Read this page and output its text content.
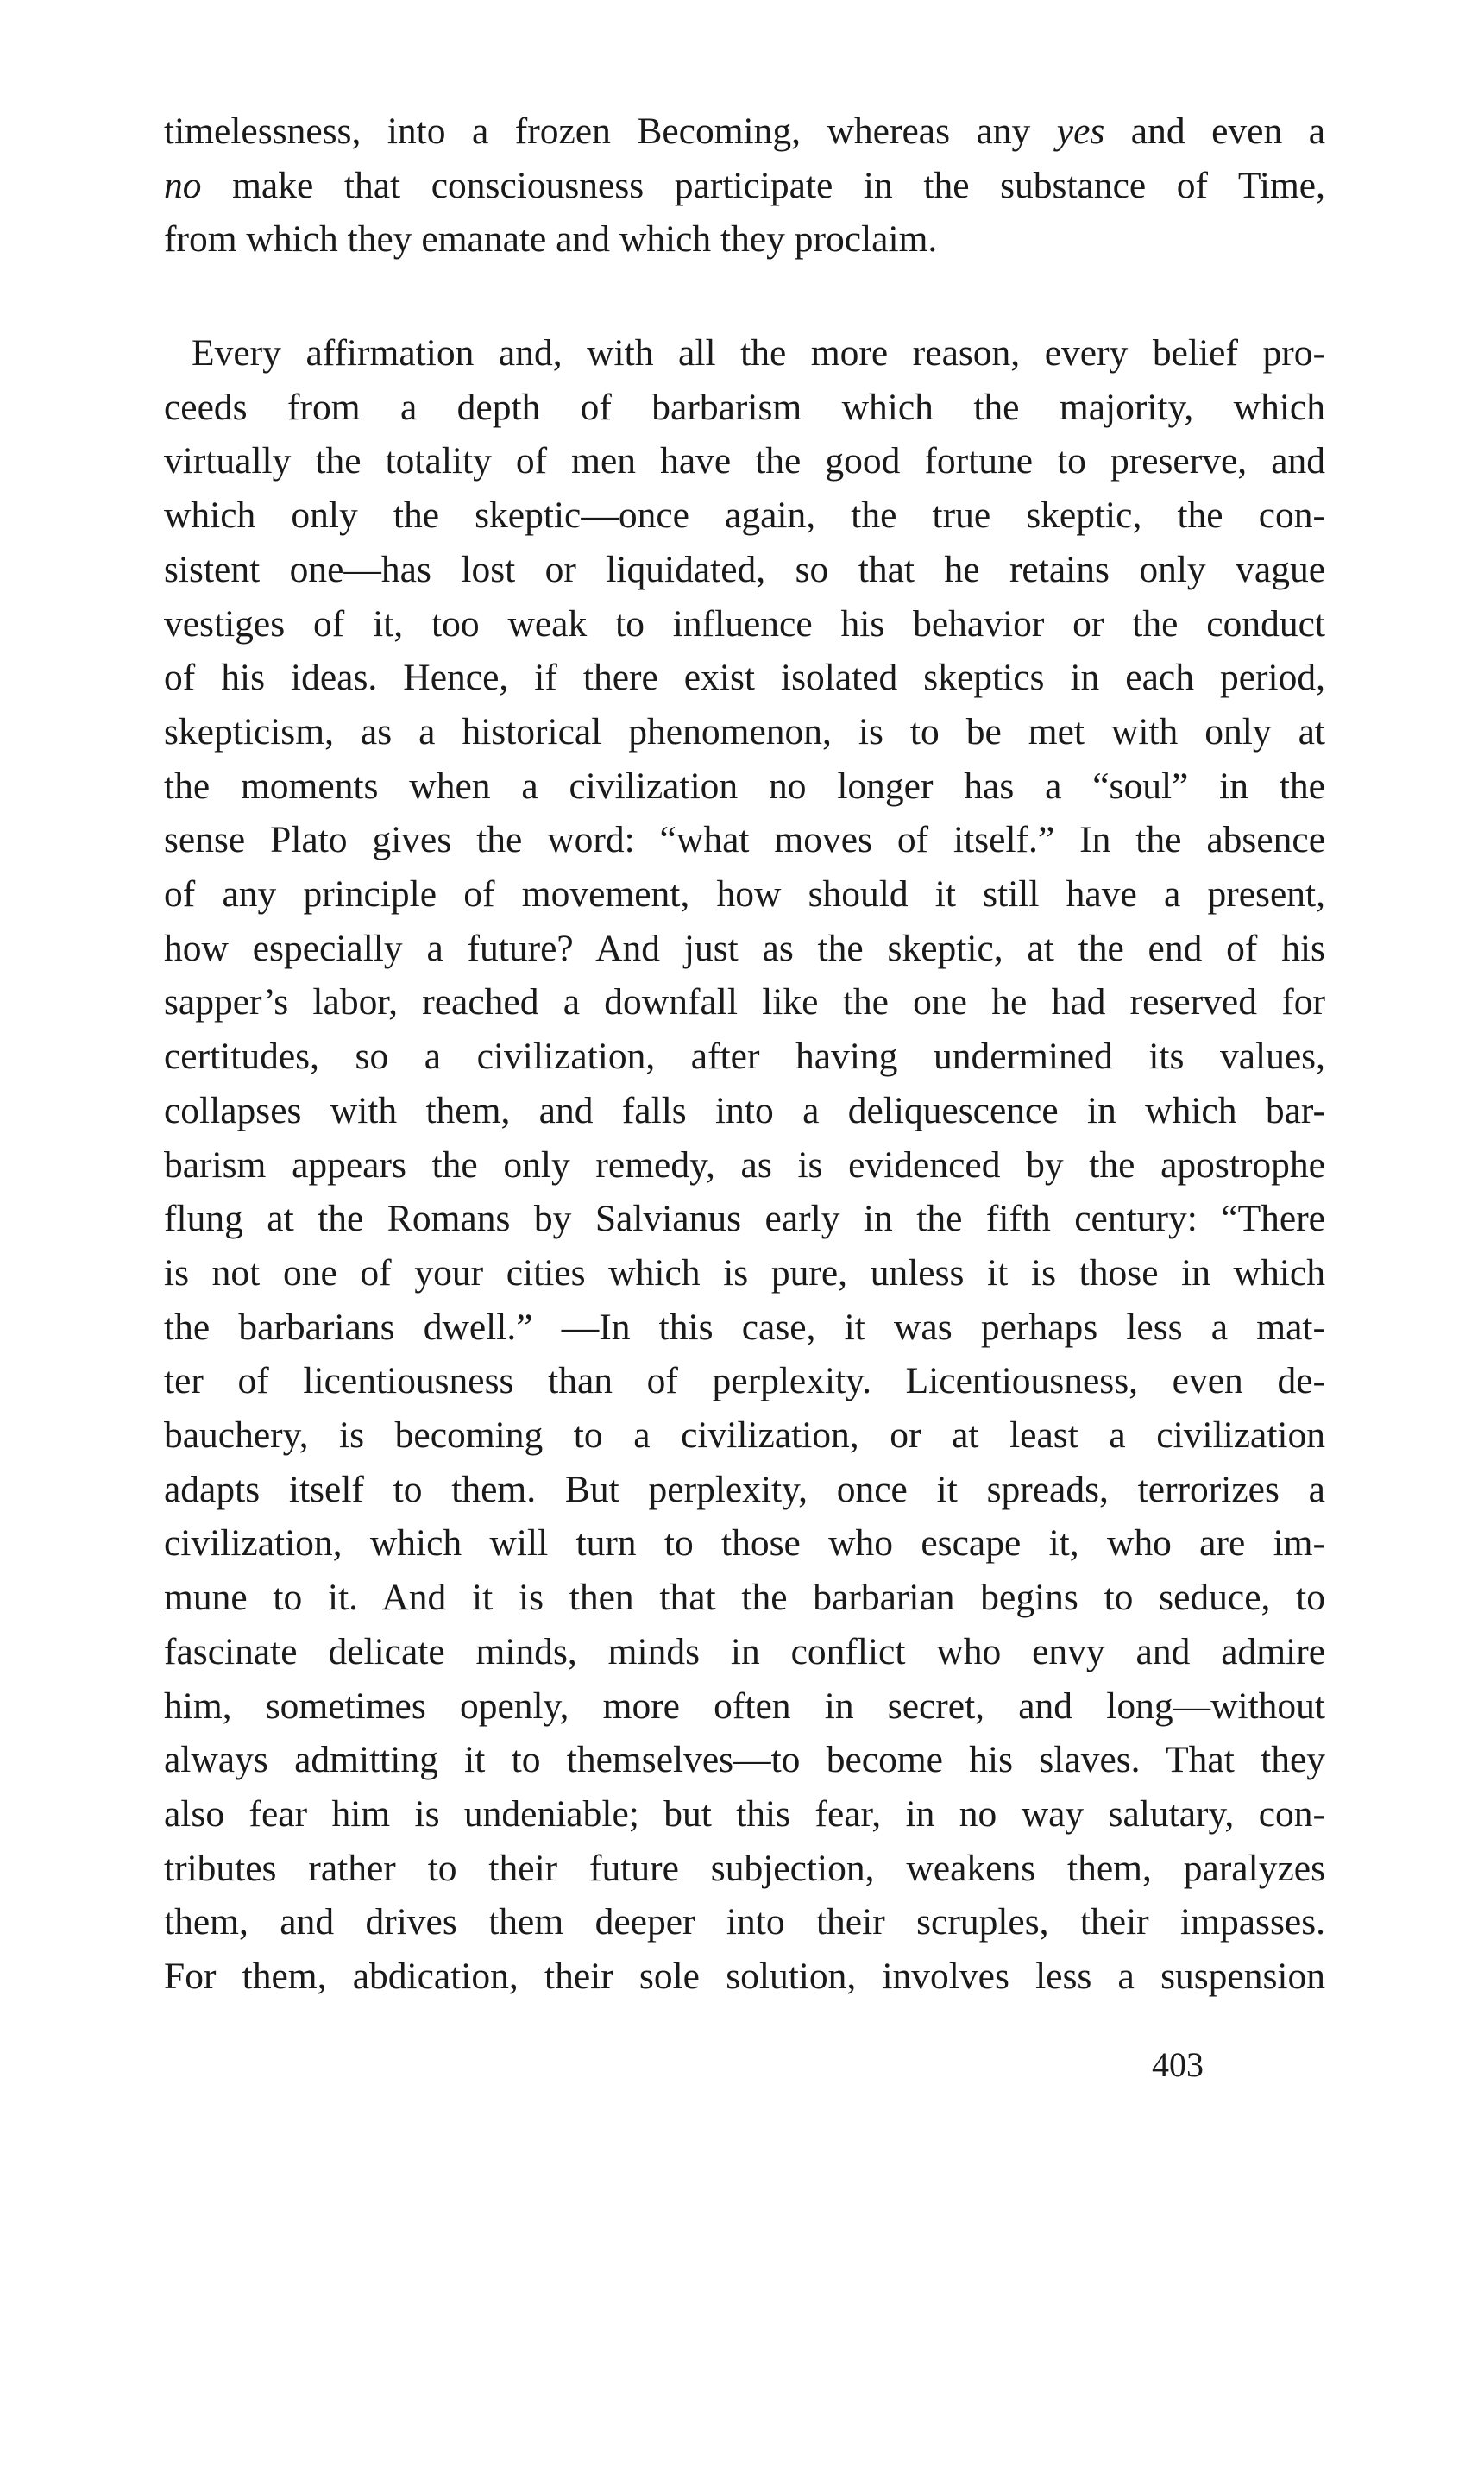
timelessness, into a frozen Becoming, whereas any yes and even a
no make that consciousness participate in the substance of Time,
from which they emanate and which they proclaim.
Every affirmation and, with all the more reason, every belief pro-
ceeds from a depth of barbarism which the majority, which
virtually the totality of men have the good fortune to preserve, and
which only the skeptic—once again, the true skeptic, the con-
sistent one—has lost or liquidated, so that he retains only vague
vestiges of it, too weak to influence his behavior or the conduct
of his ideas. Hence, if there exist isolated skeptics in each period,
skepticism, as a historical phenomenon, is to be met with only at
the moments when a civilization no longer has a “soul” in the
sense Plato gives the word: “what moves of itself.” In the absence
of any principle of movement, how should it still have a present,
how especially a future? And just as the skeptic, at the end of his
sapper’s labor, reached a downfall like the one he had reserved for
certitudes, so a civilization, after having undermined its values,
collapses with them, and falls into a deliquescence in which bar-
barism appears the only remedy, as is evidenced by the apostrophe
flung at the Romans by Salvianus early in the fifth century: “There
is not one of your cities which is pure, unless it is those in which
the barbarians dwell.” —In this case, it was perhaps less a mat-
ter of licentiousness than of perplexity. Licentiousness, even de-
bauchery, is becoming to a civilization, or at least a civilization
adapts itself to them. But perplexity, once it spreads, terrorizes a
civilization, which will turn to those who escape it, who are im-
mune to it. And it is then that the barbarian begins to seduce, to
fascinate delicate minds, minds in conflict who envy and admire
him, sometimes openly, more often in secret, and long—without
always admitting it to themselves—to become his slaves. That they
also fear him is undeniable; but this fear, in no way salutary, con-
tributes rather to their future subjection, weakens them, paralyzes
them, and drives them deeper into their scruples, their impasses.
For them, abdication, their sole solution, involves less a suspension
403
